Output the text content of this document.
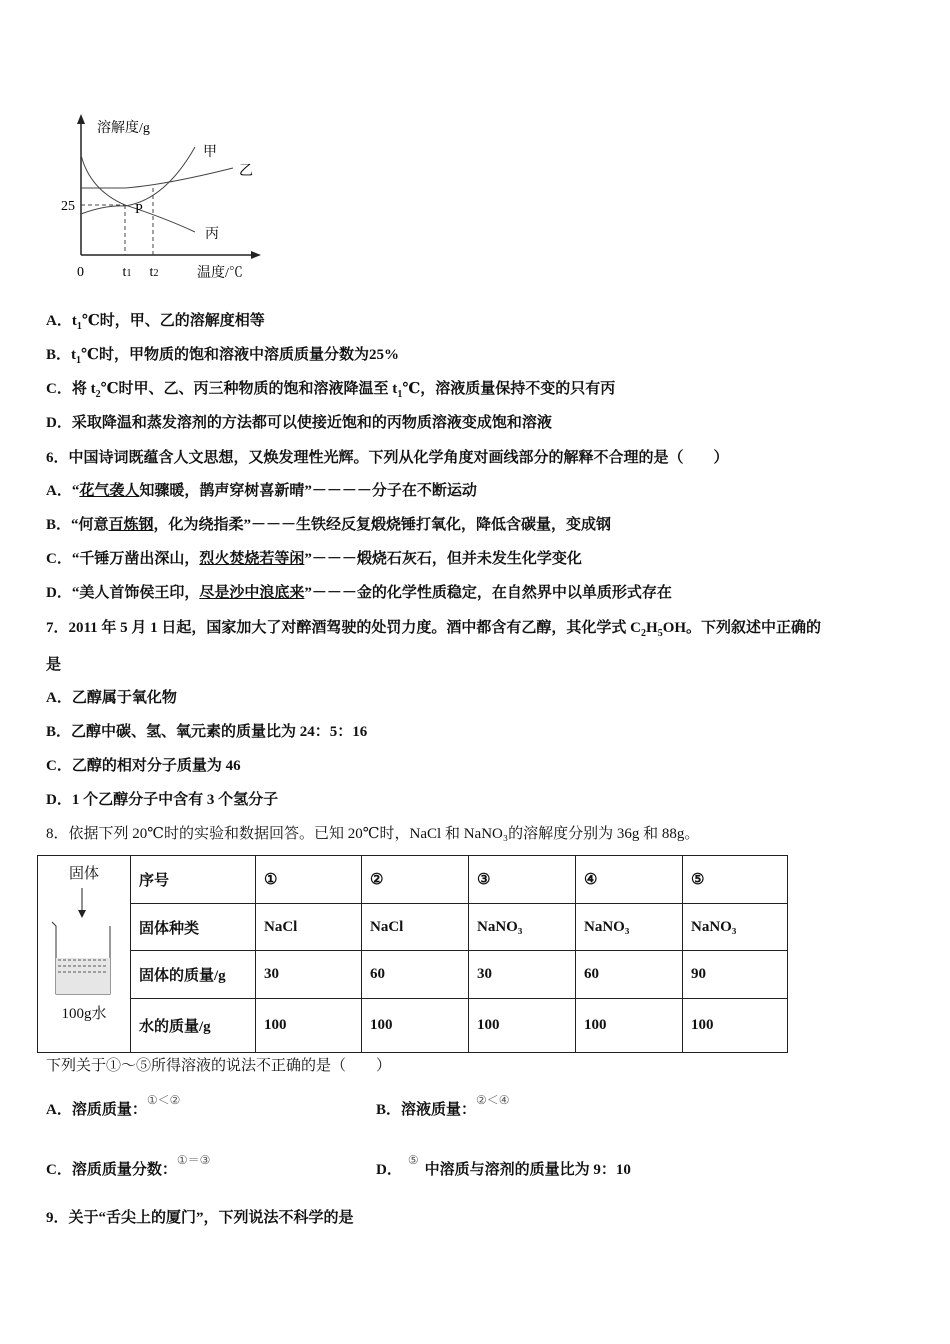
溶解度/g
温度/℃
0
25
t1 t2
P
甲
乙
丙
A．$t_1℃$时，甲、乙的溶解度相等
B．$t_1℃$时，甲物质的饱和溶液中溶质质量分数为25%
C．将 $t_2℃$时甲、乙、丙三种物质的饱和溶液降温至 $t_1℃$，溶液质量保持不变的只有丙
D．采取降温和蒸发溶剂的方法都可以使接近饱和的丙物质溶液变成饱和溶液
6．中国诗词既蕴含人文思想，又焕发理性光辉。下列从化学角度对画线部分的解释不合理的是（　　）
A．“花气袭人知骤暖，鹊声穿树喜新晴”－－－－分子在不断运动
B．“何意百炼钢，化为绕指柔”－－－生铁经反复煅烧锤打氧化，降低含碳量，变成钢
C．“千锤万凿出深山，烈火焚烧若等闲”－－－煅烧石灰石，但并未发生化学变化
D．“美人首饰侯王印，尽是沙中浪底来”－－－金的化学性质稳定，在自然界中以单质形式存在
7．2011 年 5 月 1 日起，国家加大了对醉酒驾驶的处罚力度。酒中都含有乙醇，其化学式 $C_2H_5OH$。下列叙述中正确的
是
A．乙醇属于氧化物
B．乙醇中碳、氢、氧元素的质量比为 24：5：16
C．乙醇的相对分子质量为 46
D．1 个乙醇分子中含有 3 个氢分子
8．依据下列 20℃时的实验和数据回答。已知 20℃时，NaCl 和 NaNO₃的溶解度分别为 36g 和 88g。
固体
100g水	序号	①	②	③	④	⑤
	固体种类	NaCl	NaCl	NaNO₃	NaNO₃	NaNO₃
	固体的质量/g	30	60	30	60	90
	水的质量/g	100	100	100	100	100
下列关于①～⑤所得溶液的说法不正确的是（　　）
A．溶质质量：①＜②
B．溶液质量：②＜④
C．溶质质量分数：①＝③
D．⑤中溶质与溶剂的质量比为 9：10
9．关于“舌尖上的厦门”，下列说法不科学的是
